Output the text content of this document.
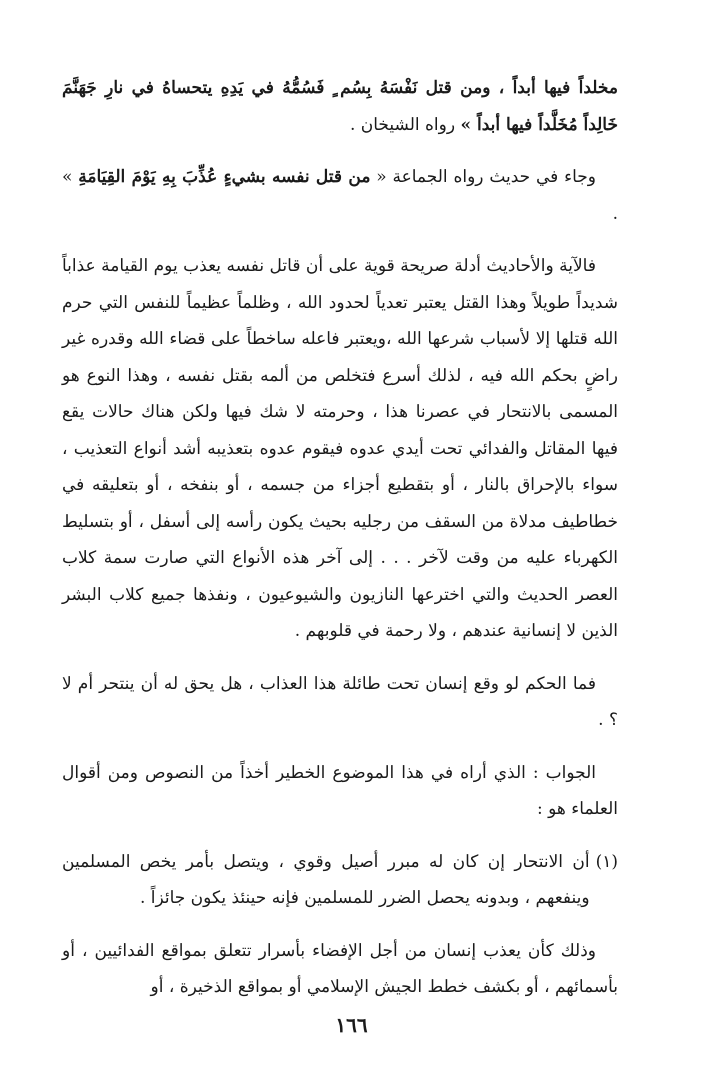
مخلداً فيها أبداً ، ومن قتل نَفْسَهُ بِسُم ٍ فَسُمُّهُ في يَدِهِ يتحساهُ في نارِ جَهَنَّمَ خَالِداً مُخَلَّداً فيها أبداً » رواه الشيخان .

وجاء في حديث رواه الجماعة « من قتل نفسه بشيءٍ عُذِّبَ بِهِ يَوْمَ القِيَامَةِ » .

فالآية والأحاديث أدلة صريحة قوية على أن قاتل نفسه يعذب يوم القيامة عذاباً شديداً طويلاً وهذا القتل يعتبر تعدياً لحدود الله ، وظلماً عظيماً للنفس التي حرم الله قتلها إلا لأسباب شرعها الله ،ويعتبر فاعله ساخطاً على قضاء الله وقدره غير راضٍ بحكم الله فيه ، لذلك أسرع فتخلص من ألمه بقتل نفسه ، وهذا النوع هو المسمى بالانتحار في عصرنا هذا ، وحرمته لا شك فيها ولكن هناك حالات يقع فيها المقاتل والفدائي تحت أيدي عدوه فيقوم عدوه بتعذيبه أشد أنواع التعذيب ، سواء بالإحراق بالنار ، أو بتقطيع أجزاء من جسمه ، أو بنفخه ، أو بتعليقه في خطاطيف مدلاة من السقف من رجليه بحيث يكون رأسه إلى أسفل ، أو بتسليط الكهرباء عليه من وقت لآخر . . . إلى آخر هذه الأنواع التي صارت سمة كلاب العصر الحديث والتي اخترعها النازيون والشيوعيون ، ونفذها جميع كلاب البشر الذين لا إنسانية عندهم ، ولا رحمة في قلوبهم .

فما الحكم لو وقع إنسان تحت طائلة هذا العذاب ، هل يحق له أن ينتحر أم لا ؟ .

الجواب : الذي أراه في هذا الموضوع الخطير أخذاً من النصوص ومن أقوال العلماء هو :

(١)
أن الانتحار إن كان له مبرر أصيل وقوي ، ويتصل بأمر يخص المسلمين وينفعهم ، وبدونه يحصل الضرر للمسلمين فإنه حينئذ يكون جائزاً .

وذلك كأن يعذب إنسان من أجل الإفضاء بأسرار تتعلق بمواقع الفدائيين ، أو بأسمائهم ، أو بكشف خطط الجيش الإسلامي أو بمواقع الذخيرة ، أو

١٦٦
